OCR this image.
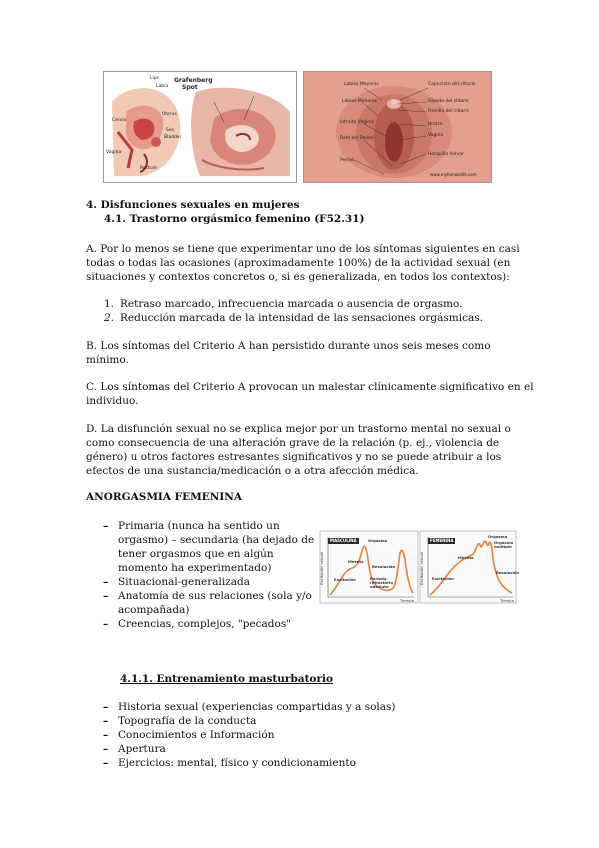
Grafenberg
Spot
Lips
Labia
Uterus
Sex
Bladder
Vagina
Rectum
Cervix
Labios Mayores	Capuchón del clítoris
Labios Menores	Glande del clítoris
Frenillo del clítoris
Introito Vaginal	Uretra
Vagina
Rafe del Periné
Horquilla Vulvar
Periné
www.myfemalelife.com
4. Disfunciones sexuales en mujeres
4.1. Trastorno orgásmico femenino (F52.31)

A. Por lo menos se tiene que experimentar uno de los síntomas siguientes en casi
todas o todas las ocasiones (aproximadamente 100%) de la actividad sexual (en
situaciones y contextos concretos o, si es generalizada, en todos los contextos):

1. Retraso marcado, infrecuencia marcada o ausencia de orgasmo.
2. Reducción marcada de la intensidad de las sensaciones orgásmicas.

B. Los síntomas del Criterio A han persistido durante unos seis meses como
mínimo.

C. Los síntomas del Criterio A provocan un malestar clínicamente significativo en el
individuo.

D. La disfunción sexual no se explica mejor por un trastorno mental no sexual o
como consecuencia de una alteración grave de la relación (p. ej., violencia de
género) u otros factores estresantes significativos y no se puede atribuir a los
efectos de una sustancia/medicación o a otra afección médica.

ANORGASMIA FEMENINA
– Primaria (nunca ha sentido un
orgasmo) – secundaria (ha dejado de
tener orgasmos que en algún
momento ha experimentado)
– Situacional-generalizada
– Anatomía de sus relaciones (sola y/o
acompañada)
– Creencias, complejos, "pecados"
MASCULINA	FEMENINA
Orgasmo
Meseta
Resolución
Excitación	Periodo refractario absoluto
Tiempo
Excitación sexual
Orgasmo
Orgasmo múltiple
Meseta
Resolución
Excitación
Tiempo
Excitación sexual
4.1.1. Entrenamiento masturbatorio
– Historia sexual (experiencias compartidas y a solas)
– Topografía de la conducta
– Conocimientos e Información
– Apertura
– Ejercicios: mental, físico y condicionamiento
